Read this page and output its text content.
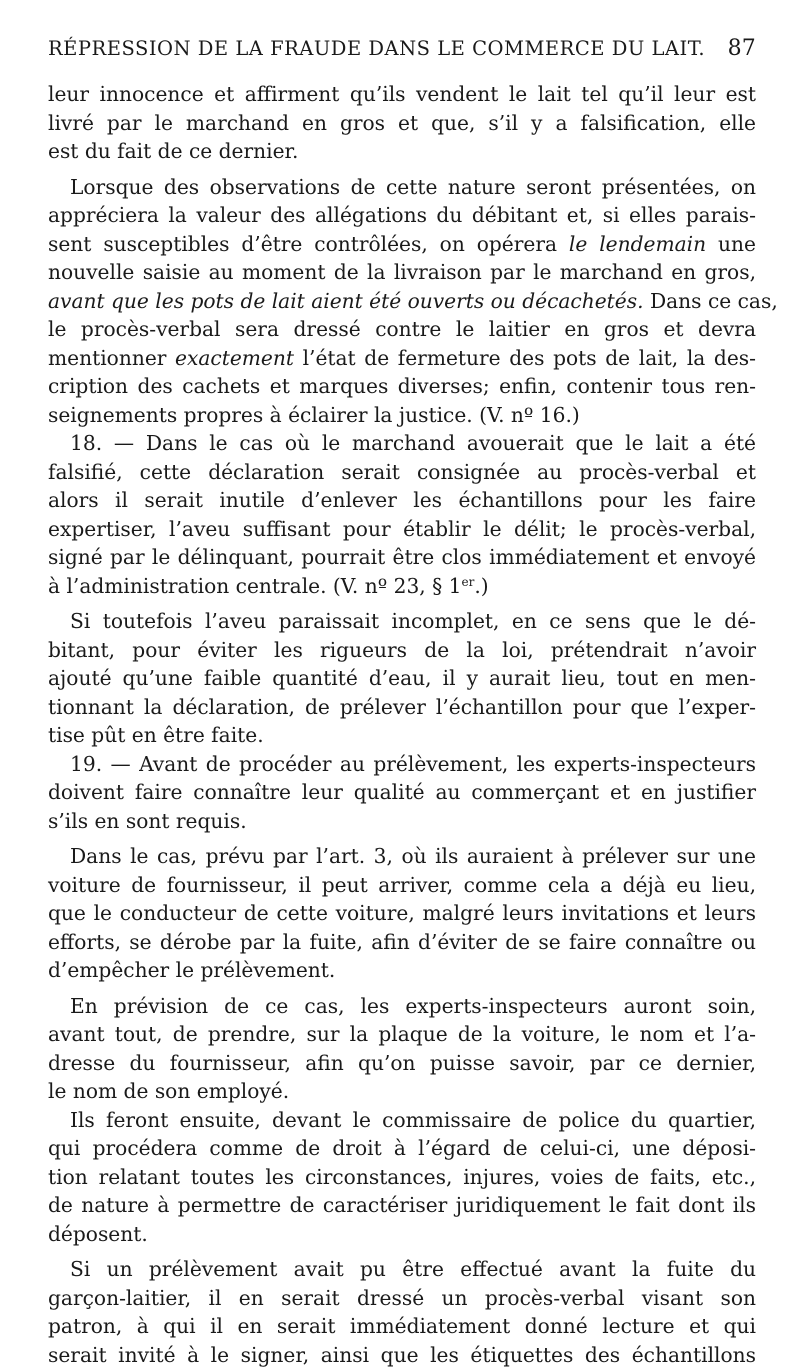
RÉPRESSION DE LA FRAUDE DANS LE COMMERCE DU LAIT. 87
leur innocence et affirment qu’ils vendent le lait tel qu’il leur est
livré par le marchand en gros et que, s’il y a falsification, elle
est du fait de ce dernier.
Lorsque des observations de cette nature seront présentées, on
appréciera la valeur des allégations du débitant et, si elles parais-
sent susceptibles d’être contrôlées, on opérera le lendemain une
nouvelle saisie au moment de la livraison par le marchand en gros,
avant que les pots de lait aient été ouverts ou décachetés. Dans ce cas,
le procès-verbal sera dressé contre le laitier en gros et devra
mentionner exactement l’état de fermeture des pots de lait, la des-
cription des cachets et marques diverses; enfin, contenir tous ren-
seignements propres à éclairer la justice. (V. nº 16.)
18. — Dans le cas où le marchand avouerait que le lait a été
falsifié, cette déclaration serait consignée au procès-verbal et
alors il serait inutile d’enlever les échantillons pour les faire
expertiser, l’aveu suffisant pour établir le délit; le procès-verbal,
signé par le délinquant, pourrait être clos immédiatement et envoyé
à l’administration centrale. (V. nº 23, § 1er.)
Si toutefois l’aveu paraissait incomplet, en ce sens que le dé-
bitant, pour éviter les rigueurs de la loi, prétendrait n’avoir
ajouté qu’une faible quantité d’eau, il y aurait lieu, tout en men-
tionnant la déclaration, de prélever l’échantillon pour que l’exper-
tise pût en être faite.
19. — Avant de procéder au prélèvement, les experts-inspecteurs
doivent faire connaître leur qualité au commerçant et en justifier
s’ils en sont requis.
Dans le cas, prévu par l’art. 3, où ils auraient à prélever sur une
voiture de fournisseur, il peut arriver, comme cela a déjà eu lieu,
que le conducteur de cette voiture, malgré leurs invitations et leurs
efforts, se dérobe par la fuite, afin d’éviter de se faire connaître ou
d’empêcher le prélèvement.
En prévision de ce cas, les experts-inspecteurs auront soin,
avant tout, de prendre, sur la plaque de la voiture, le nom et l’a-
dresse du fournisseur, afin qu’on puisse savoir, par ce dernier,
le nom de son employé.
Ils feront ensuite, devant le commissaire de police du quartier,
qui procédera comme de droit à l’égard de celui-ci, une déposi-
tion relatant toutes les circonstances, injures, voies de faits, etc.,
de nature à permettre de caractériser juridiquement le fait dont ils
déposent.
Si un prélèvement avait pu être effectué avant la fuite du
garçon-laitier, il en serait dressé un procès-verbal visant son
patron, à qui il en serait immédiatement donné lecture et qui
serait invité à le signer, ainsi que les étiquettes des échantillons
